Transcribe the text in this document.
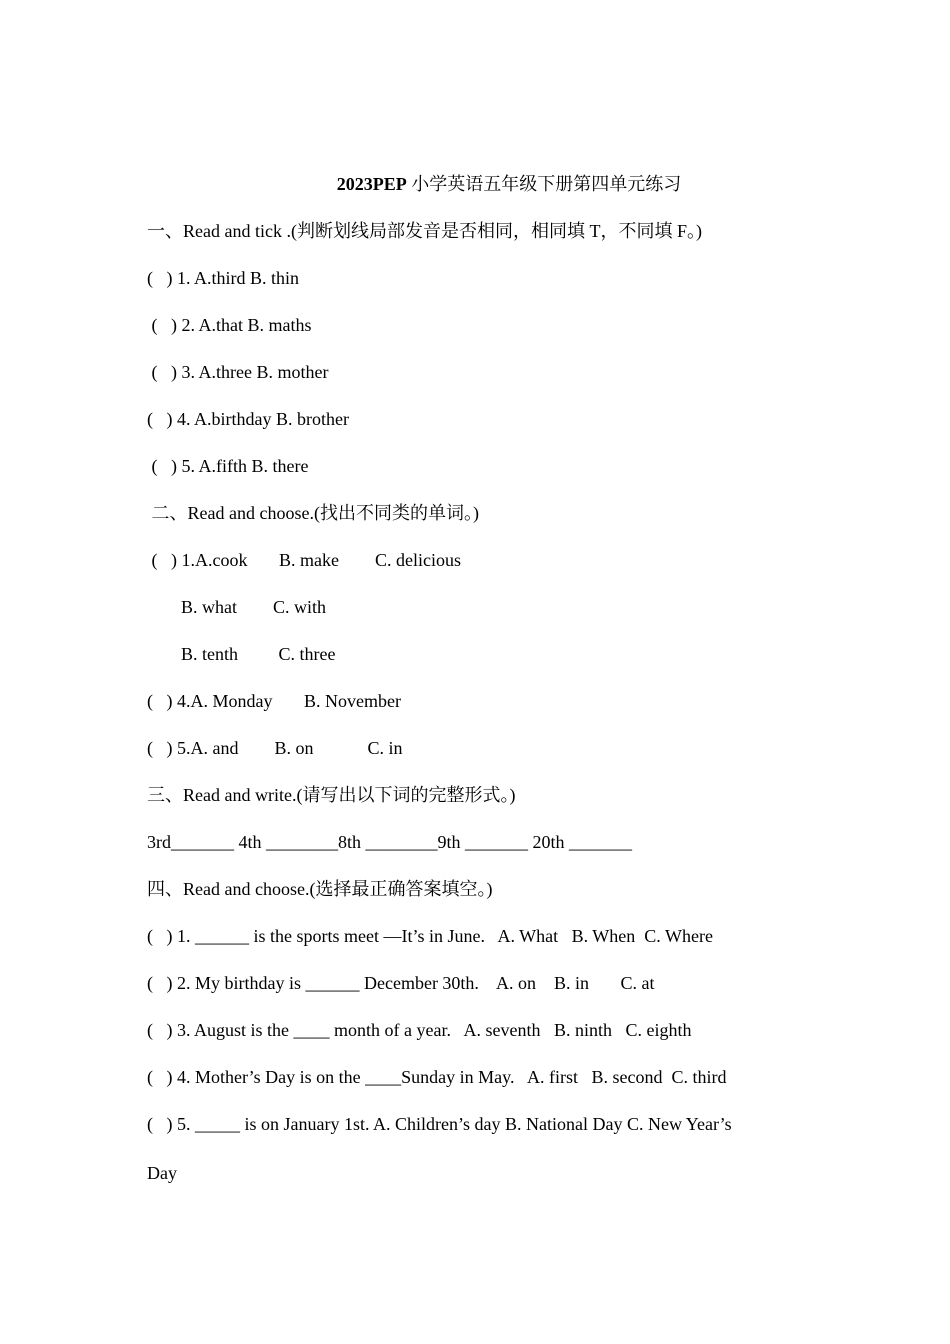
2023PEP 小学英语五年级下册第四单元练习
一、Read and tick .(判断划线局部发音是否相同，相同填 T，不同填 F。)
(   ) 1. A.third B. thin
(   ) 2. A.that B. maths
(   ) 3. A.three B. mother
(   ) 4. A.birthday B. brother
(   ) 5. A.fifth B. there
二、Read and choose.(找出不同类的单词。)
(   ) 1.A.cook       B. make        C. delicious
B. what        C. with
B. tenth         C. three
(   ) 4.A. Monday       B. November
(   ) 5.A. and        B. on            C. in
三、Read and write.(请写出以下词的完整形式。)
3rd_______ 4th ________8th ________9th _______ 20th _______
四、Read and choose.(选择最正确答案填空。)
(   ) 1. ______ is the sports meet —It’s in June.   A. What   B. When  C. Where
(   ) 2. My birthday is ______ December 30th.    A. on    B. in       C. at
(   ) 3. August is the ____ month of a year.   A. seventh   B. ninth   C. eighth
(   ) 4. Mother’s Day is on the ____Sunday in May.   A. first   B. second  C. third
(   ) 5. _____ is on January 1st. A. Children’s day B. National Day C. New Year’s
Day
